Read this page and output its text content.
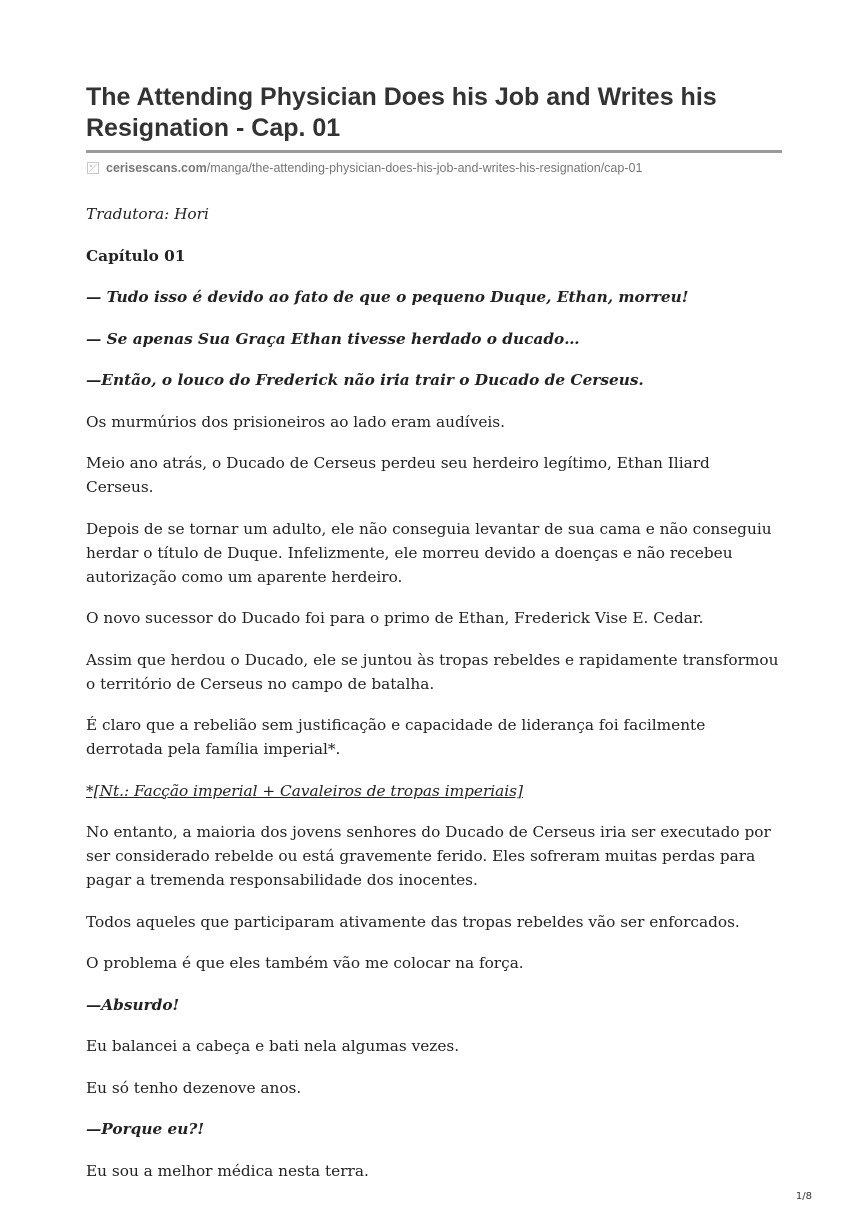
The Attending Physician Does his Job and Writes his Resignation - Cap. 01
cerisescans.com/manga/the-attending-physician-does-his-job-and-writes-his-resignation/cap-01

Tradutora: Hori

Capítulo 01

— Tudo isso é devido ao fato de que o pequeno Duque, Ethan, morreu!

— Se apenas Sua Graça Ethan tivesse herdado o ducado…

—Então, o louco do Frederick não iria trair o Ducado de Cerseus.

Os murmúrios dos prisioneiros ao lado eram audíveis.

Meio ano atrás, o Ducado de Cerseus perdeu seu herdeiro legítimo, Ethan Iliard Cerseus.

Depois de se tornar um adulto, ele não conseguia levantar de sua cama e não conseguiu herdar o título de Duque. Infelizmente, ele morreu devido a doenças e não recebeu autorização como um aparente herdeiro.

O novo sucessor do Ducado foi para o primo de Ethan, Frederick Vise E. Cedar.

Assim que herdou o Ducado, ele se juntou às tropas rebeldes e rapidamente transformou o território de Cerseus no campo de batalha.

É claro que a rebelião sem justificação e capacidade de liderança foi facilmente derrotada pela família imperial*.

*[Nt.: Facção imperial + Cavaleiros de tropas imperiais]

No entanto, a maioria dos jovens senhores do Ducado de Cerseus iria ser executado por ser considerado rebelde ou está gravemente ferido. Eles sofreram muitas perdas para pagar a tremenda responsabilidade dos inocentes.

Todos aqueles que participaram ativamente das tropas rebeldes vão ser enforcados.

O problema é que eles também vão me colocar na força.

—Absurdo!

Eu balancei a cabeça e bati nela algumas vezes.

Eu só tenho dezenove anos.

—Porque eu?!

Eu sou a melhor médica nesta terra.

1/8
